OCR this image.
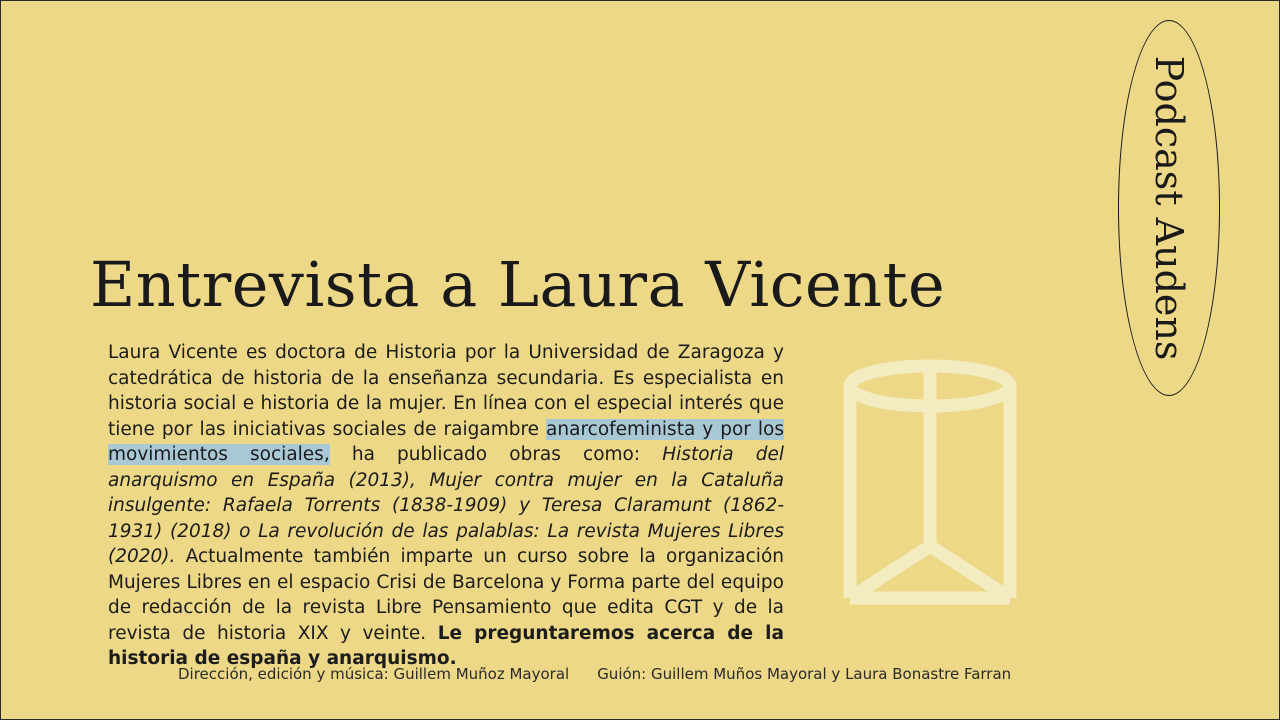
Entrevista a Laura Vicente
Laura Vicente es doctora de Historia por la Universidad de Zaragoza y catedrática de historia de la enseñanza secundaria. Es especialista en historia social e historia de la mujer. En línea con el especial interés que tiene por las iniciativas sociales de raigambre anarcofeminista y por los movimientos sociales, ha publicado obras como: Historia del anarquismo en España (2013), Mujer contra mujer en la Cataluña insulgente: Rafaela Torrents (1838-1909) y Teresa Claramunt (1862-1931) (2018) o La revolución de las palablas: La revista Mujeres Libres (2020). Actualmente también imparte un curso sobre la organización Mujeres Libres en el espacio Crisi de Barcelona y Forma parte del equipo de redacción de la revista Libre Pensamiento que edita CGT y de la revista de historia XIX y veinte. Le preguntaremos acerca de la historia de españa y anarquismo.
Dirección, edición y música: Guillem Muñoz Mayoral Guión: Guillem Muños Mayoral y Laura Bonastre Farran
Podcast Audens
